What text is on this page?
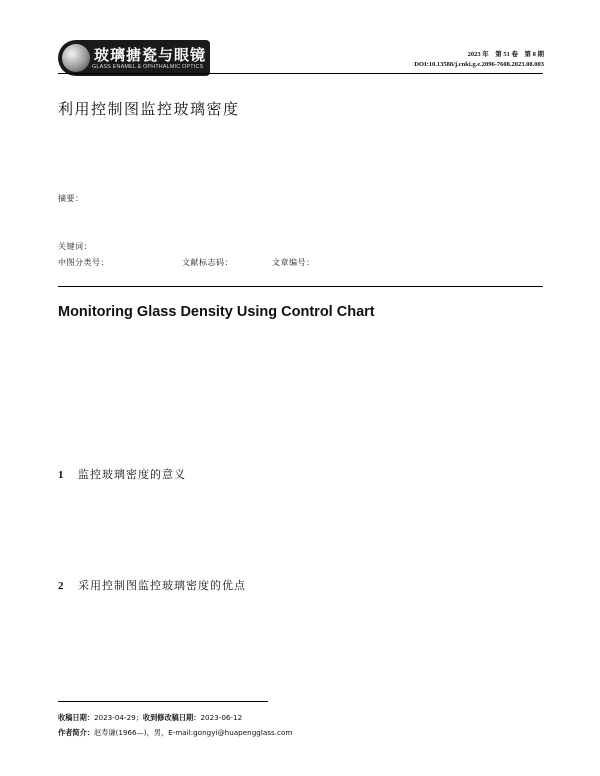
玻璃搪瓷与眼镜
GLASS ENAMEL & OPHTHALMIC OPTICS
2023 年　第 51 卷　第 8 期
DOI:10.13588/j.cnki.g.e.2096-7608.2023.08.003
利用控制图监控玻璃密度
摘要：
关键词：
中图分类号：	文献标志码：	文章编号：
Monitoring Glass Density Using Control Chart
1 监控玻璃密度的意义
2 采用控制图监控玻璃密度的优点
收稿日期：2023-04-29；收到修改稿日期：2023-06-12
作者简介：赵寿谦(1966—)，男，E-mail:gongyi@huapengglass.com
